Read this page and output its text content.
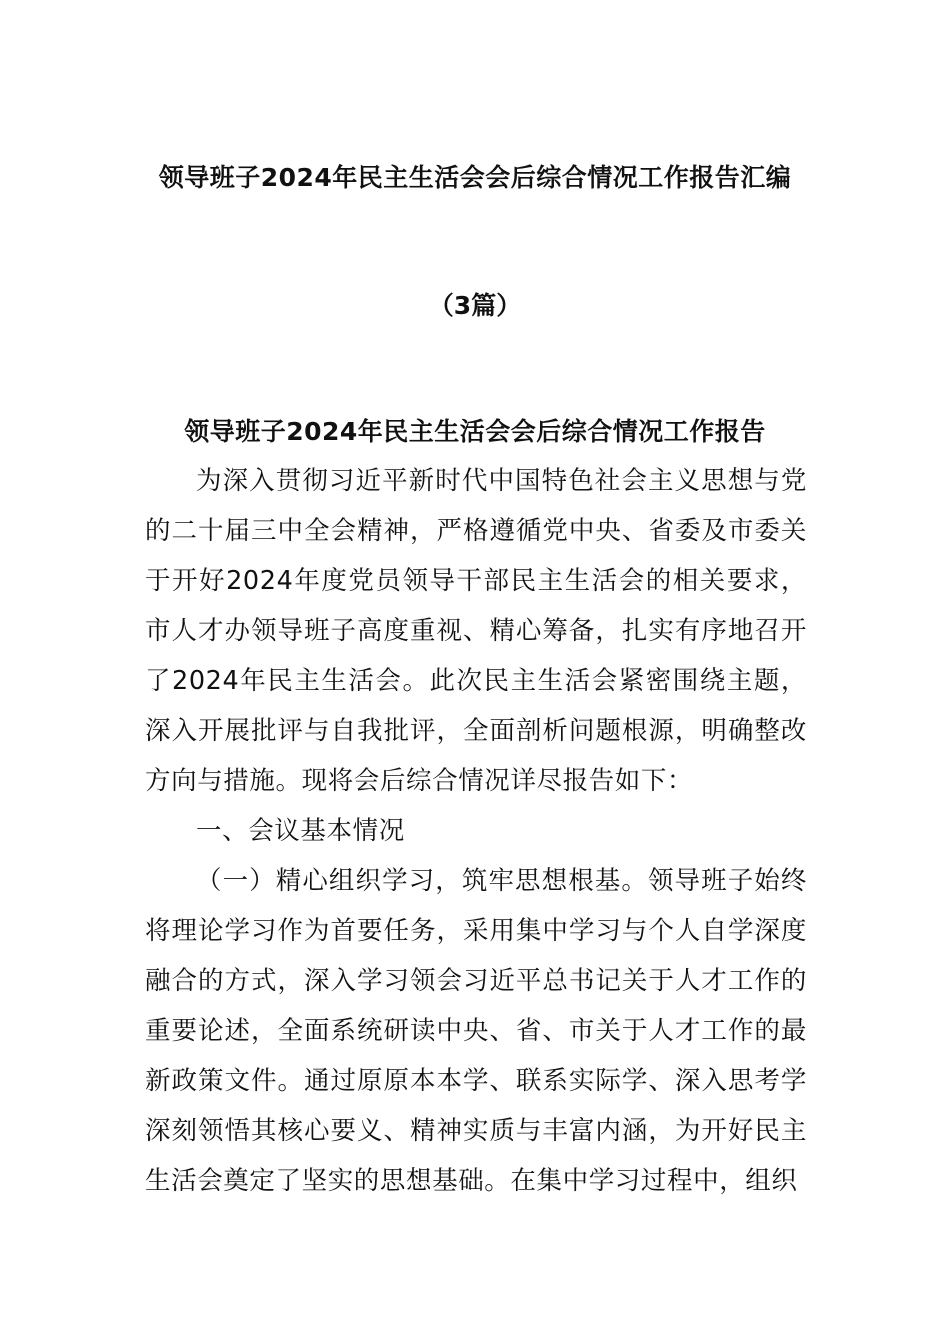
领导班子2024年民主生活会会后综合情况工作报告汇编
（3篇）
领导班子2024年民主生活会会后综合情况工作报告

为深入贯彻习近平新时代中国特色社会主义思想与党的二十届三中全会精神，严格遵循党中央、省委及市委关于开好2024年度党员领导干部民主生活会的相关要求，市人才办领导班子高度重视、精心筹备，扎实有序地召开了2024年民主生活会。此次民主生活会紧密围绕主题，深入开展批评与自我批评，全面剖析问题根源，明确整改方向与措施。现将会后综合情况详尽报告如下：

一、会议基本情况

（一）精心组织学习，筑牢思想根基。领导班子始终将理论学习作为首要任务，采用集中学习与个人自学深度融合的方式，深入学习领会习近平总书记关于人才工作的重要论述，全面系统研读中央、省、市关于人才工作的最新政策文件。通过原原本本学、联系实际学、深入思考学深刻领悟其核心要义、精神实质与丰富内涵，为开好民主生活会奠定了坚实的思想基础。在集中学习过程中，组织
